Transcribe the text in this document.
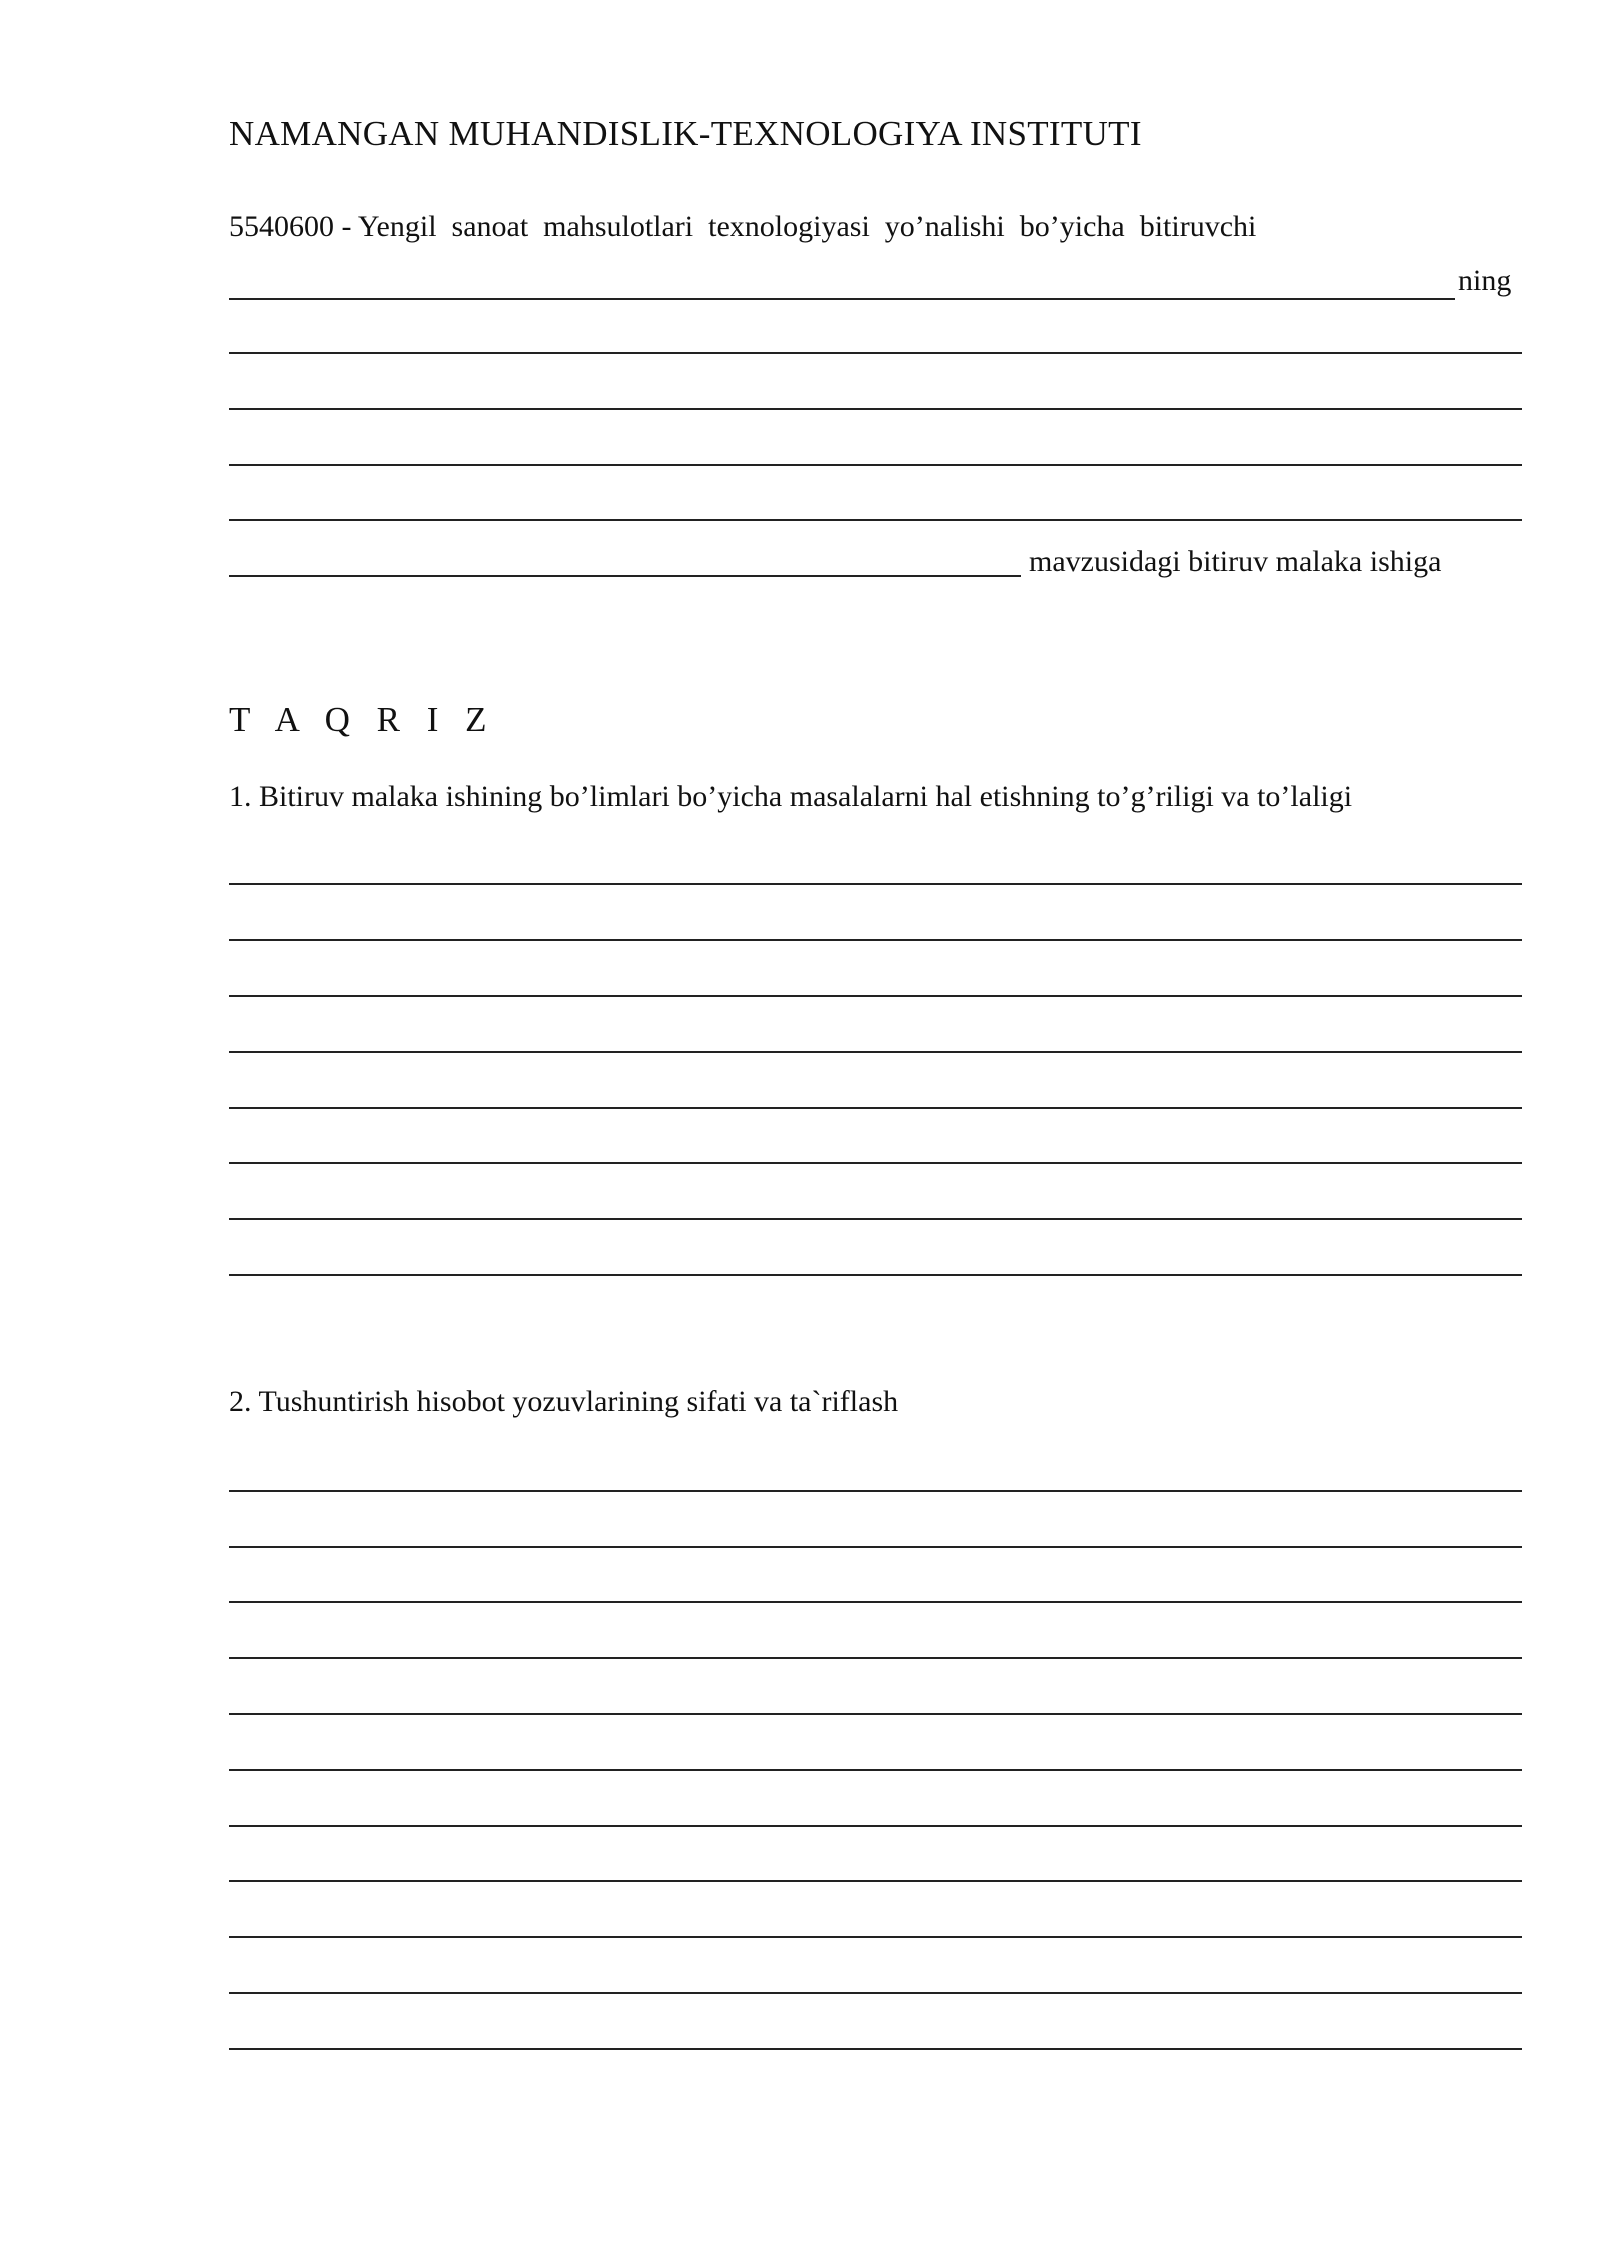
NAMANGAN MUHANDISLIK-TEXNOLOGIYA INSTITUTI
5540600 - Yengil  sanoat  mahsulotlari  texnologiyasi  yo’nalishi  bo’yicha  bitiruvchi
ning
mavzusidagi bitiruv malaka ishiga
T A Q R I Z
1. Bitiruv malaka ishining bo’limlari bo’yicha masalalarni hal etishning to’g’riligi va to’laligi
2. Tushuntirish hisobot yozuvlarining sifati va ta`riflash
